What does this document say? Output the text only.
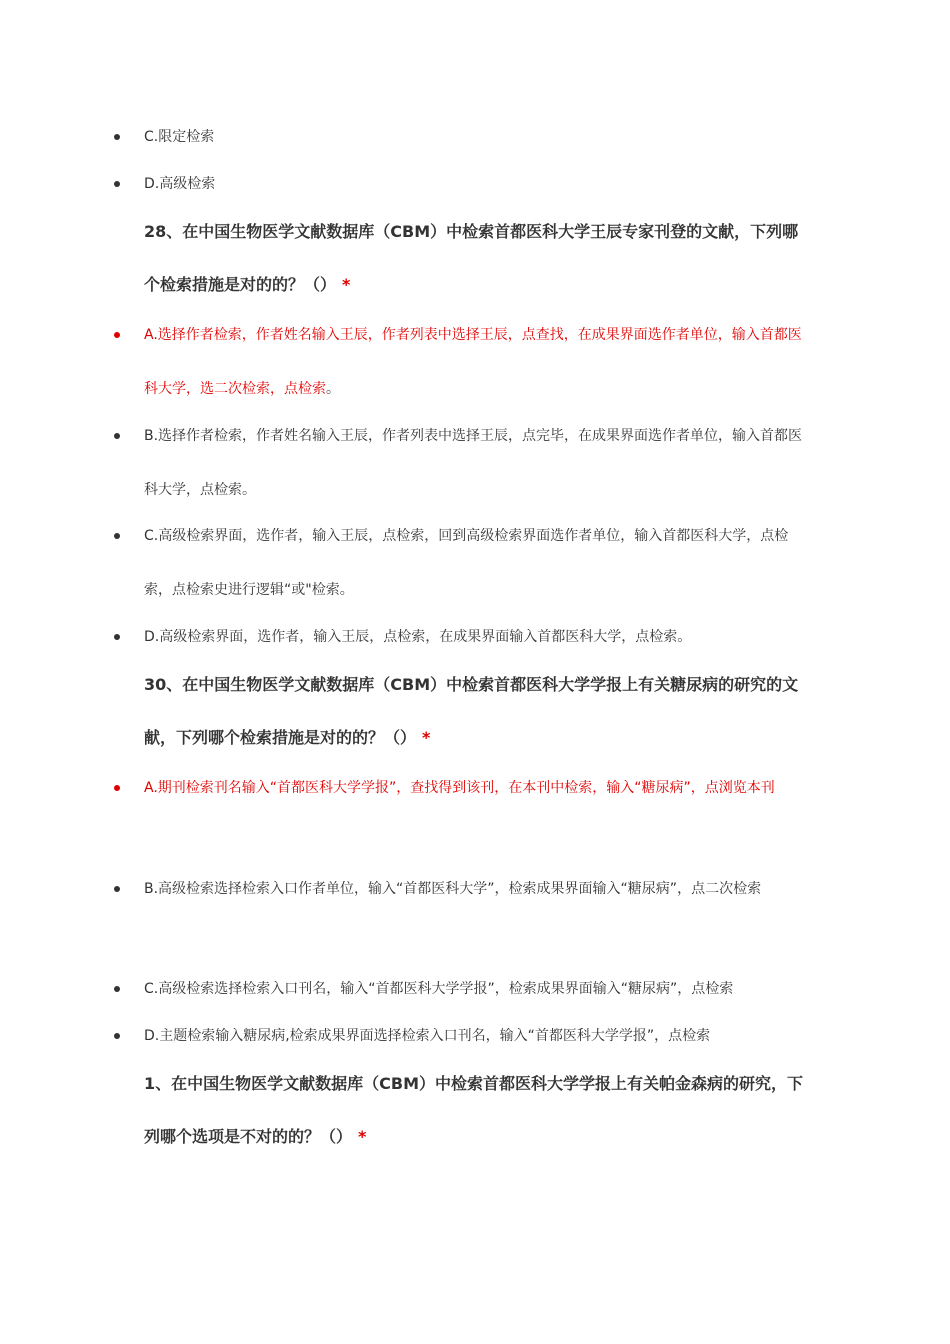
C.限定检索

D.高级检索

28、在中国生物医学文献数据库（CBM）中检索首都医科大学王辰专家刊登的文献，下列哪个检索措施是对的的？（） *

A.选择作者检索，作者姓名输入王辰，作者列表中选择王辰，点查找，在成果界面选作者单位，输入首都医科大学，选二次检索，点检索。

B.选择作者检索，作者姓名输入王辰，作者列表中选择王辰，点完毕，在成果界面选作者单位，输入首都医科大学，点检索。

C.高级检索界面，选作者，输入王辰，点检索，回到高级检索界面选作者单位，输入首都医科大学，点检索，点检索史进行逻辑“或"检索。

D.高级检索界面，选作者，输入王辰，点检索，在成果界面输入首都医科大学，点检索。

30、在中国生物医学文献数据库（CBM）中检索首都医科大学学报上有关糖尿病的研究的文献，下列哪个检索措施是对的的？（） *

A.期刊检索刊名输入“首都医科大学学报”，查找得到该刊，在本刊中检索，输入“糖尿病”，点浏览本刊

B.高级检索选择检索入口作者单位，输入“首都医科大学”，检索成果界面输入“糖尿病”，点二次检索

C.高级检索选择检索入口刊名，输入“首都医科大学学报”，检索成果界面输入“糖尿病”，点检索

D.主题检索输入糖尿病,检索成果界面选择检索入口刊名，输入“首都医科大学学报”，点检索

1、在中国生物医学文献数据库（CBM）中检索首都医科大学学报上有关帕金森病的研究，下列哪个选项是不对的的？（） *
